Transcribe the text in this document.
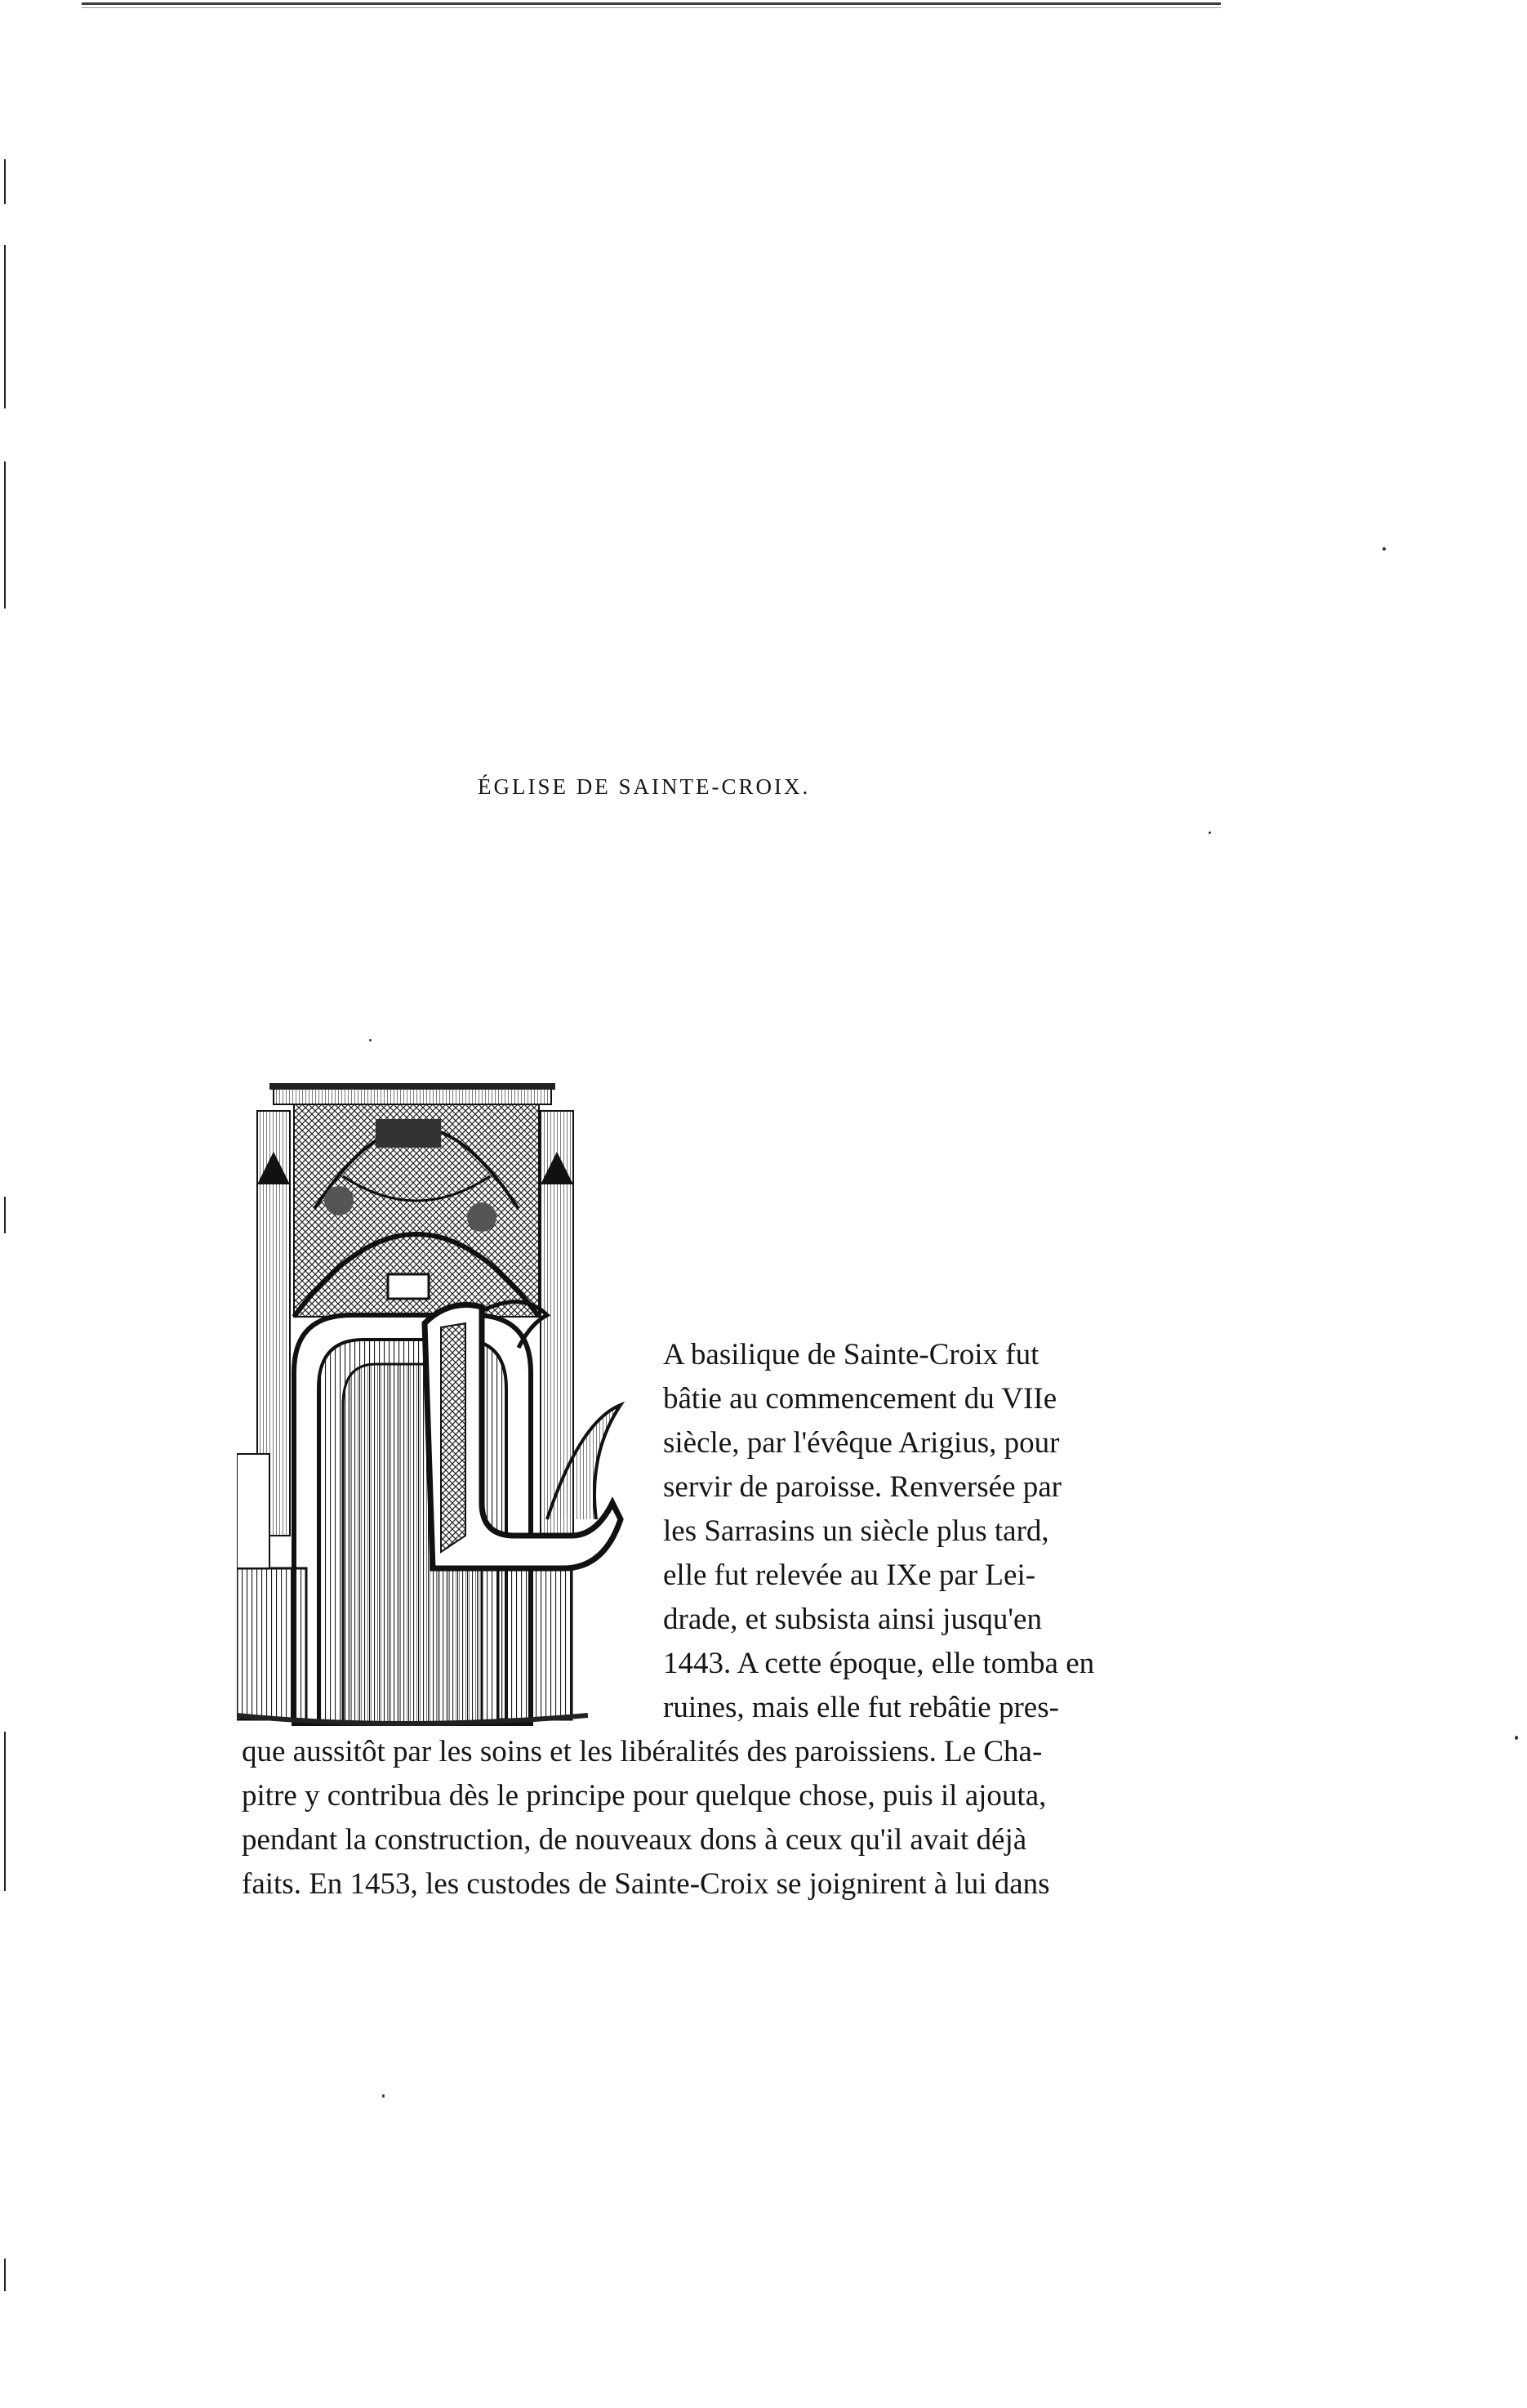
ÉGLISE DE SAINTE-CROIX.
A basilique de Sainte-Croix fut
bâtie au commencement du VIIe
siècle, par l'évêque Arigius, pour
servir de paroisse. Renversée par
les Sarrasins un siècle plus tard,
elle fut relevée au IXe par Lei-
drade, et subsista ainsi jusqu'en
1443. A cette époque, elle tomba en
ruines, mais elle fut rebâtie pres-
que aussitôt par les soins et les libéralités des paroissiens. Le Cha-
pitre y contribua dès le principe pour quelque chose, puis il ajouta,
pendant la construction, de nouveaux dons à ceux qu'il avait déjà
faits. En 1453, les custodes de Sainte-Croix se joignirent à lui dans
